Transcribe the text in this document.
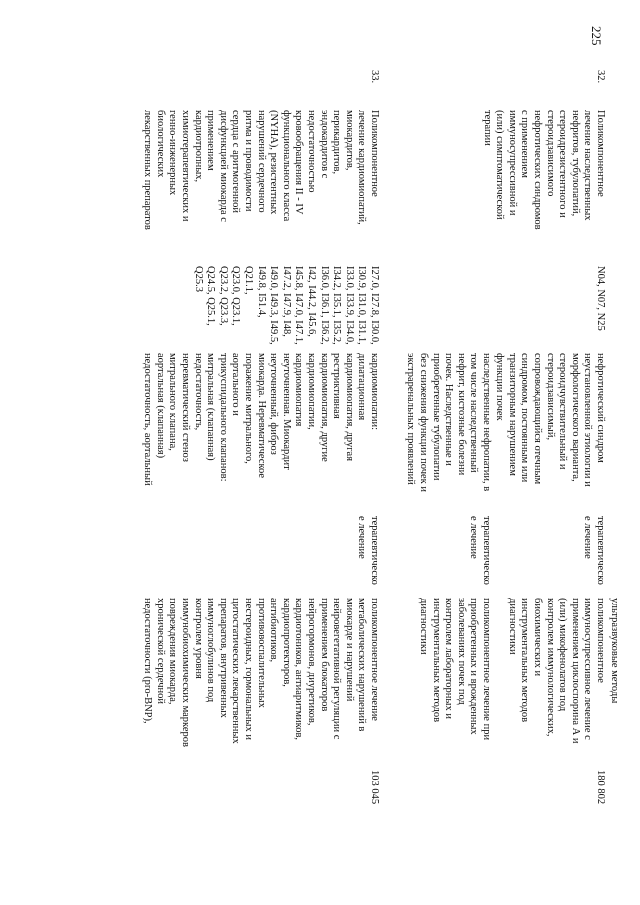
225
ультразвуковые методы
32.
Поликомпонентное
лечение наследственных
нефритов, тубулопатий,
стероидрезистентного и
стероидзависимого
нефротических синдромов
с применением
иммуносупрессивной и
(или) симптоматической
терапии
N04, N07, N25
нефротический синдром
неустановленной этиологии и
морфологического варианта,
стероидчувствительный и
стероидзависимый,
сопровождающийся отечным
синдромом, постоянным или
транзиторным нарушением
функции почек
терапевтическо
е лечение
поликомпонентное
иммуносупрессивное лечение с
применением циклоспорина А и
(или) микофенолатов под
контролем иммунологических,
биохимических и
инструментальных методов
диагностики
180 802
наследственные нефропатии, в
том числе наследственный
нефрит, кистозные болезни
почек. Наследственные и
приобретенные тубулопатии
без снижения функции почек и
экстраренальных проявлений
терапевтическо
е лечение
поликомпонентное лечение при
приобретенных и врожденных
заболеваниях почек под
контролем лабораторных и
инструментальных методов
диагностики
33.
Поликомпонентное
лечение кардиомиопатий,
миокардитов,
перикардитов,
эндокардитов с
недостаточностью
кровообращения II - IV
функционального класса
(NYHA), резистентных
нарушений сердечного
ритма и проводимости
сердца с аритмогенной
дисфункцией миокарда с
применением
кардиотропных,
химиотерапевтических и
генно-инженерных
биологических
лекарственных препаратов
I27.0, I27.8, I30.0,
I30.9, I31.0, I31.1,
I33.0, I33.9, I34.0,
I34.2, I35.1, I35.2,
I36.0, I36.1, I36.2,
I42, I44.2, I45.6,
I45.8, I47.0, I47.1,
I47.2, I47.9, I48,
I49.0, I49.3, I49.5,
I49.8, I51.4, Q21.1,
Q23.0, Q23.1,
Q23.2, Q23.3,
Q24.5, Q25.1,
Q25.3
кардиомиопатии:
дилатационная
кардиомиопатия, другая
рестриктивная
кардиомиопатия, другие
кардиомиопатии,
кардиомиопатия
неуточненная. Миокардит
неуточненный, фиброз
миокарда. Неревматическое
поражение митрального,
аортального и
трикуспидального клапанов:
митральная (клапанная)
недостаточность,
неревматический стеноз
митрального клапана,
аортальная (клапанная)
недостаточность, аортальный
терапевтическо
е лечение
поликомпонентное лечение
метаболических нарушений в
миокарде и нарушений
нейровегетативной регуляции с
применением блокаторов
нейрогормонов, диуретиков,
кардиотоников, антиаритмиков,
кардиопротекторов,
антибиотиков,
противовоспалительных
нестероидных, гормональных и
цитостатических лекарственных
препаратов, внутривенных
иммуноглобулинов под
контролем уровня
иммунобиохимических маркеров
повреждения миокарда,
хронической сердечной
недостаточности (pro-BNP),
103 045
